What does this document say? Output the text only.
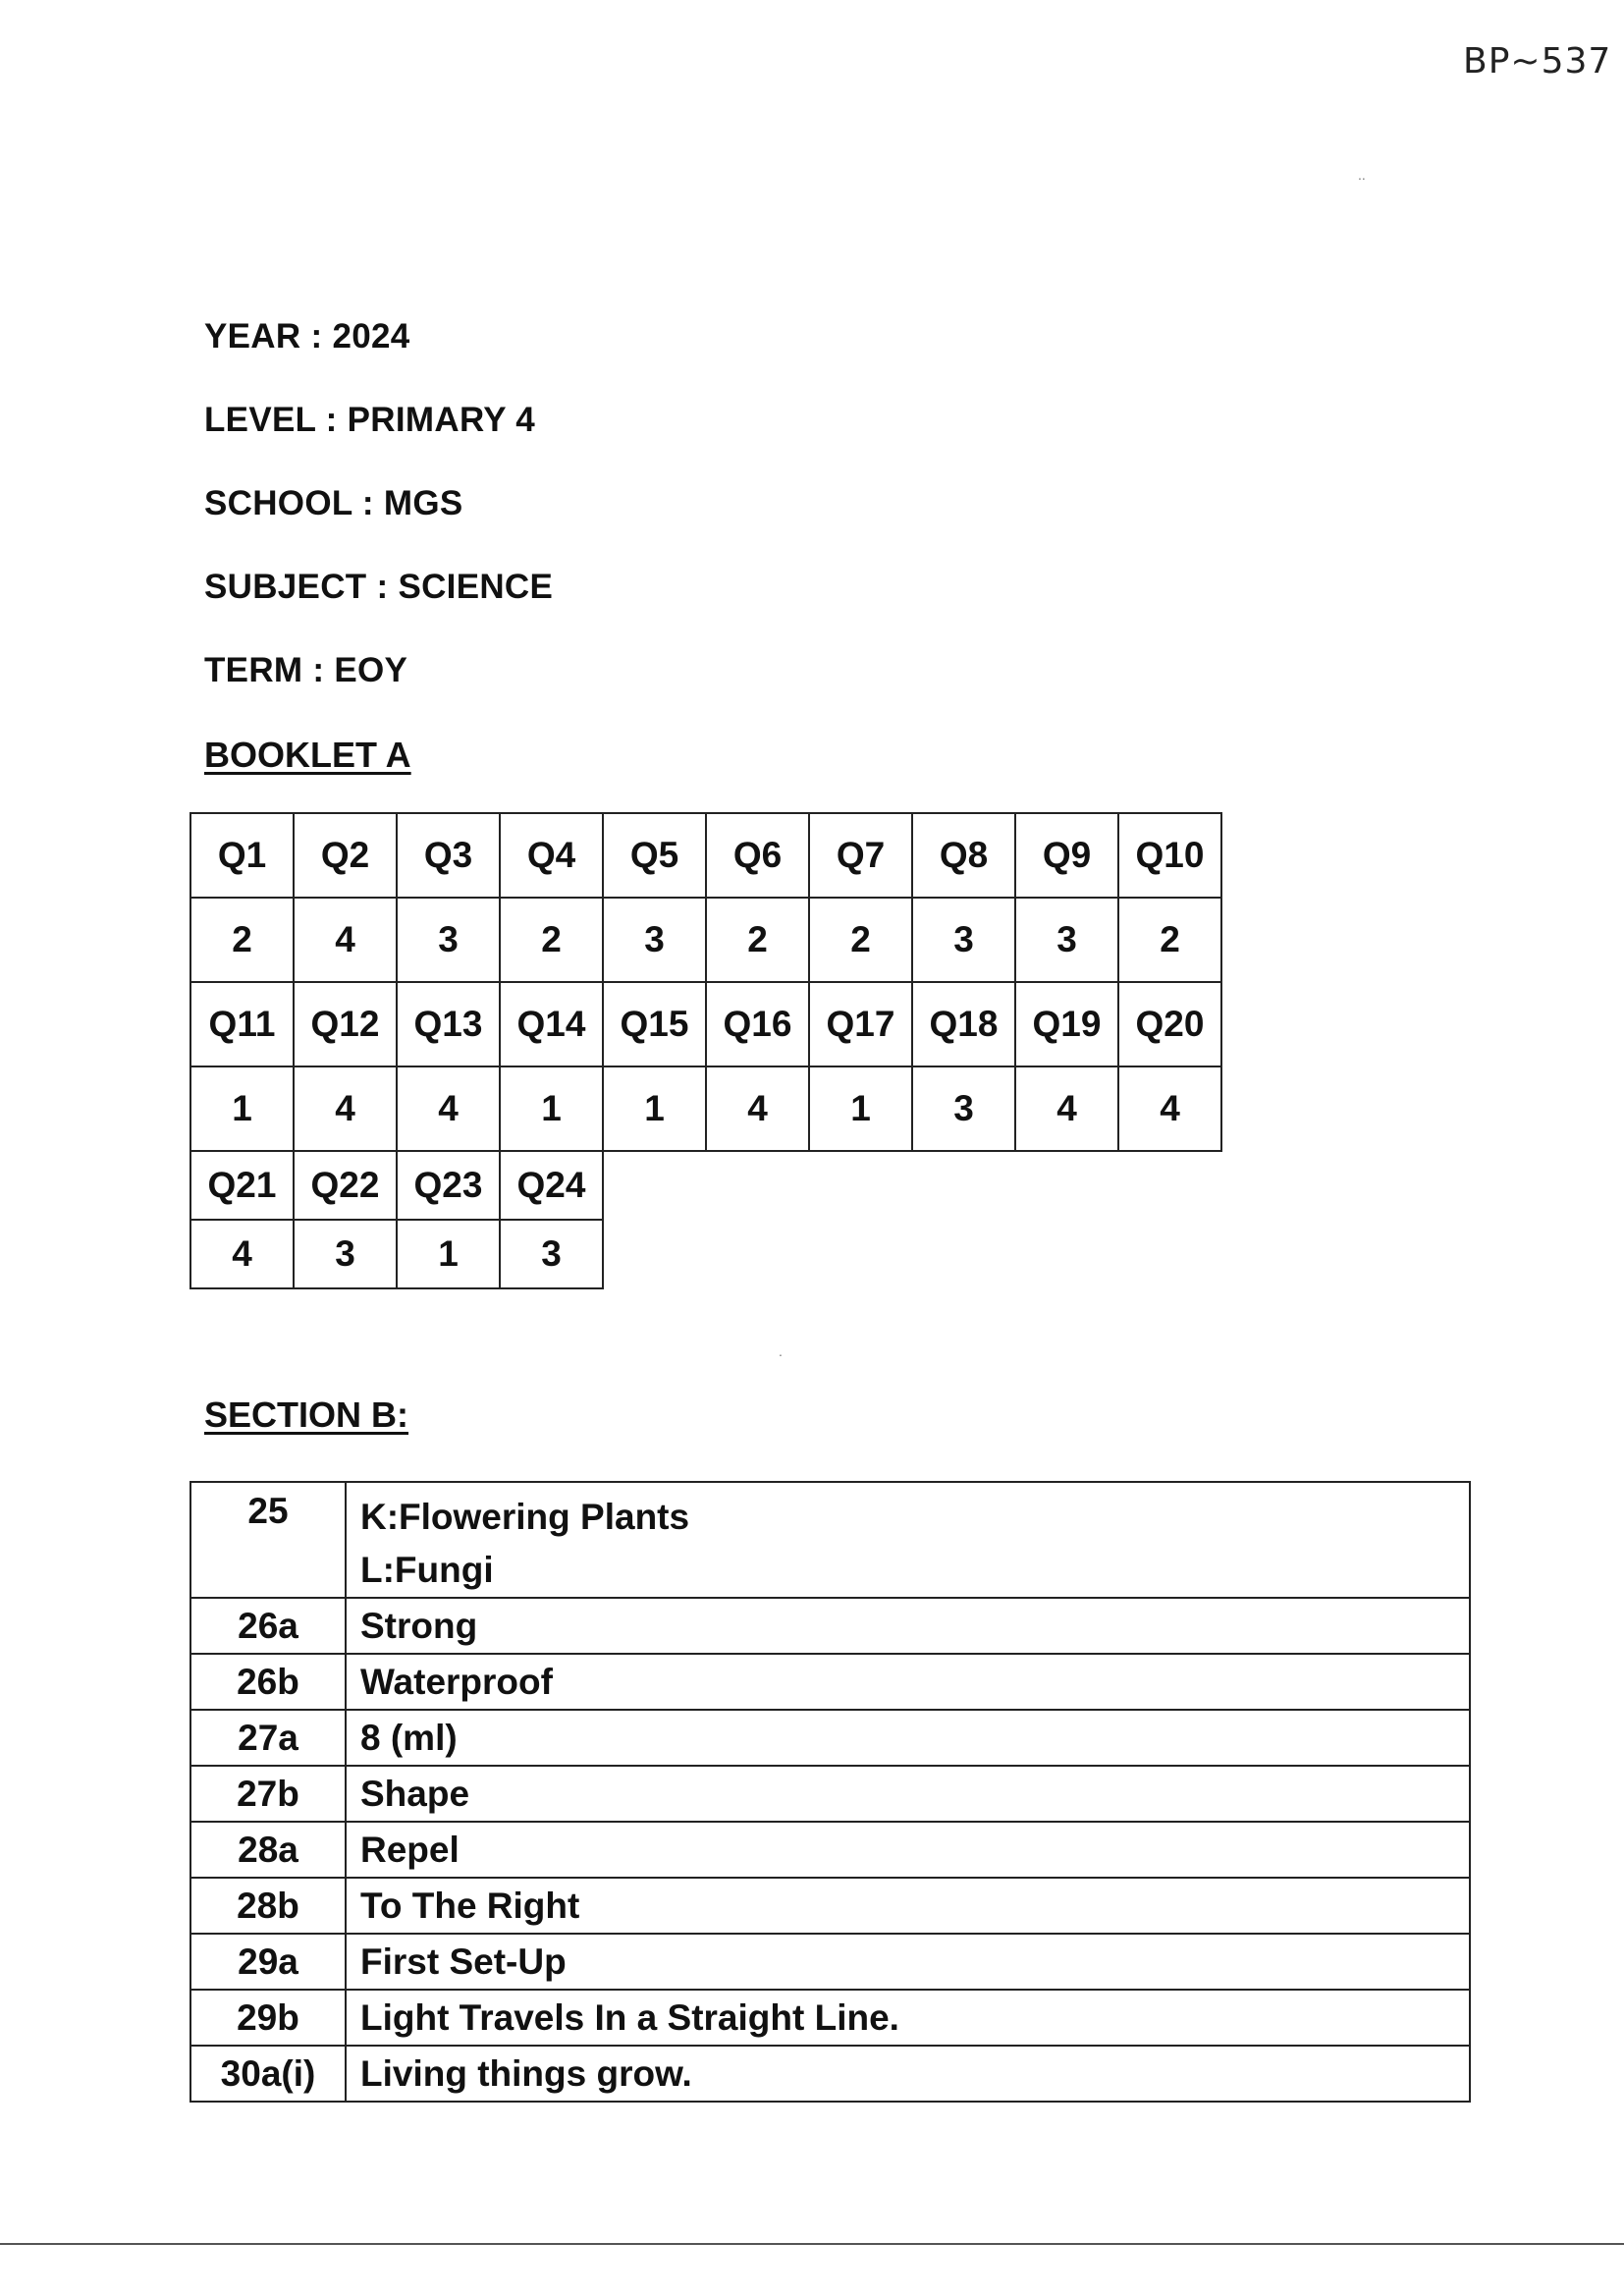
BP~537
..
.
YEAR : 2024
LEVEL : PRIMARY 4
SCHOOL : MGS
SUBJECT : SCIENCE
TERM : EOY
BOOKLET A
Q1	Q2	Q3	Q4	Q5	Q6	Q7	Q8	Q9	Q10
2	4	3	2	3	2	2	3	3	2
Q11	Q12	Q13	Q14	Q15	Q16	Q17	Q18	Q19	Q20
1	4	4	1	1	4	1	3	4	4
Q21	Q22	Q23	Q24						
4	3	1	3						
SECTION B:
25	K:Flowering Plants
L:Fungi

26a	Strong
26b	Waterproof
27a	8 (ml)
27b	Shape
28a	Repel
28b	To The Right
29a	First Set-Up
29b	Light Travels In a Straight Line.
30a(i)	Living things grow.
